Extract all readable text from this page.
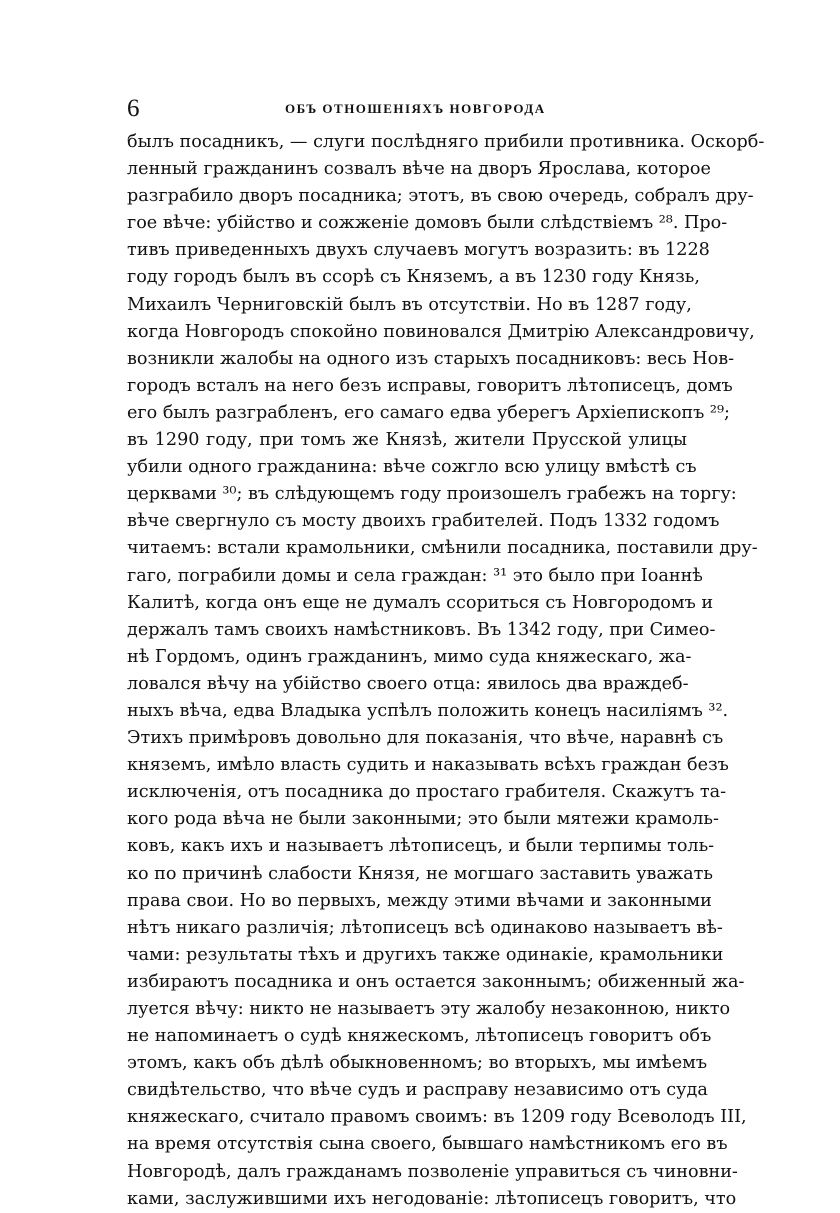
6	ОБЪ ОТНОШЕНІЯХЪ НОВГОРОДА
былъ посадникъ, — слуги послѣдняго прибили противника. Оскорб-
ленный гражданинъ созвалъ вѣче на дворъ Ярослава, которое
разграбило дворъ посадника; этотъ, въ свою очередь, собралъ дру-
гое вѣче: убійство и сожженіе домовъ были слѣдствіемъ ²⁸. Про-
тивъ приведенныхъ двухъ случаевъ могутъ возразить: въ 1228
году городъ былъ въ ссорѣ съ Княземъ, а въ 1230 году Князь,
Михаилъ Черниговскій былъ въ отсутствіи. Но въ 1287 году,
когда Новгородъ спокойно повиновался Дмитрію Александровичу,
возникли жалобы на одного изъ старыхъ посадниковъ: весь Нов-
городъ всталъ на него безъ исправы, говоритъ лѣтописецъ, домъ
его былъ разграбленъ, его самаго едва уберегъ Архіепископъ ²⁹;
въ 1290 году, при томъ же Князѣ, жители Прусской улицы
убили одного гражданина: вѣче сожгло всю улицу вмѣстѣ съ
церквами ³⁰; въ слѣдующемъ году произошелъ грабежъ на торгу:
вѣче свергнуло съ мосту двоихъ грабителей. Подъ 1332 годомъ
читаемъ: встали крамольники, смѣнили посадника, поставили дру-
гаго, пограбили домы и села граждан: ³¹ это было при Іоаннѣ
Калитѣ, когда онъ еще не думалъ ссориться съ Новгородомъ и
держалъ тамъ своихъ намѣстниковъ. Въ 1342 году, при Симео-
нѣ Гордомъ, одинъ гражданинъ, мимо суда княжескаго, жа-
ловался вѣчу на убійство своего отца: явилось два враждеб-
ныхъ вѣча, едва Владыка успѣлъ положить конецъ насиліямъ ³².
Этихъ примѣровъ довольно для показанія, что вѣче, наравнѣ съ
княземъ, имѣло власть судить и наказывать всѣхъ граждан безъ
исключенія, отъ посадника до простаго грабителя. Скажутъ та-
кого рода вѣча не были законными; это были мятежи крамоль-
ковъ, какъ ихъ и называетъ лѣтописецъ, и были терпимы толь-
ко по причинѣ слабости Князя, не могшаго заставить уважать
права свои. Но во первыхъ, между этими вѣчами и законными
нѣтъ никаго различія; лѣтописецъ всѣ одинаково называетъ вѣ-
чами: результаты тѣхъ и другихъ также одинакіе, крамольники
избираютъ посадника и онъ остается законнымъ; обиженный жа-
луется вѣчу: никто не называетъ эту жалобу незаконною, никто
не напоминаетъ о судѣ княжескомъ, лѣтописецъ говоритъ объ
этомъ, какъ объ дѣлѣ обыкновенномъ; во вторыхъ, мы имѣемъ
свидѣтельство, что вѣче судъ и расправу независимо отъ суда
княжескаго, считало правомъ своимъ: въ 1209 году Всеволодъ III,
на время отсутствія сына своего, бывшаго намѣстникомъ его въ
Новгородѣ, далъ гражданамъ позволеніе управиться съ чиновни-
ками, заслужившими ихъ негодованіе: лѣтописецъ говоритъ, что
